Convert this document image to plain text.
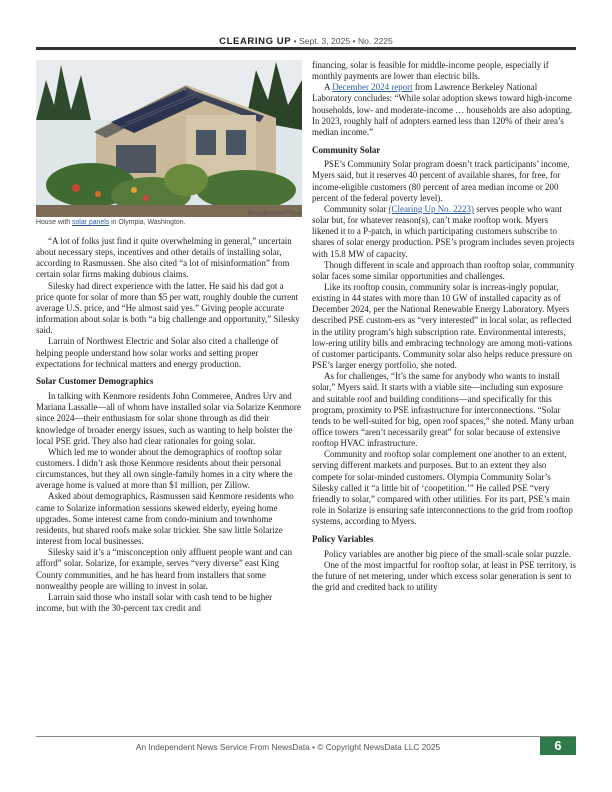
CLEARING UP • Sept. 3, 2025 • No. 2225
Wonderlane/Flickr
House with solar panels in Olympia, Washington.

“A lot of folks just find it quite overwhelming in general,” uncertain about necessary steps, incentives and other details of installing solar, according to Rasmussen. She also cited “a lot of misinformation” from certain solar firms making dubious claims.

Silesky had direct experience with the latter. He said his dad got a price quote for solar of more than $5 per watt, roughly double the current average U.S. price, and “He almost said yes.” Giving people accurate information about solar is both “a big challenge and opportunity,” Silesky said.

Larrain of Northwest Electric and Solar also cited a challenge of helping people understand how solar works and setting proper expectations for technical matters and energy production.

Solar Customer Demographics

In talking with Kenmore residents John Commeree, Andres Urv and Mariana Lassalle—all of whom have installed solar via Solarize Kenmore since 2024—their enthusiasm for solar shone through as did their knowledge of broader energy issues, such as wanting to help bolster the local PSE grid. They also had clear rationales for going solar.

Which led me to wonder about the demographics of rooftop solar customers. I didn’t ask those Kenmore residents about their personal circumstances, but they all own single-family homes in a city where the average home is valued at more than $1 million, per Zillow.

Asked about demographics, Rasmussen said Kenmore residents who came to Solarize information sessions skewed elderly, eyeing home upgrades. Some interest came from condo-minium and townhome residents, but shared roofs make solar trickier. She saw little Solarize interest from local businesses.

Silesky said it’s a “misconception only affluent people want and can afford” solar. Solarize, for example, serves “very diverse” east King County communities, and he has heard from installers that some nonwealthy people are willing to invest in solar.

Larrain said those who install solar with cash tend to be higher income, but with the 30-percent tax credit and

financing, solar is feasible for middle-income people, especially if monthly payments are lower than electric bills.

A December 2024 report from Lawrence Berkeley National Laboratory concludes: “While solar adoption skews toward high-income households, low- and moderate-income … households are also adopting. In 2023, roughly half of adopters earned less than 120% of their area’s median income.”

Community Solar

PSE’s Community Solar program doesn’t track participants’ income, Myers said, but it reserves 40 percent of available shares, for free, for income-eligible customers (80 percent of area median income or 200 percent of the federal poverty level).

Community solar (Clearing Up No. 2223) serves people who want solar but, for whatever reason(s), can’t make rooftop work. Myers likened it to a P-patch, in which participating customers subscribe to shares of solar energy production. PSE’s program includes seven projects with 15.8 MW of capacity.

Though different in scale and approach than rooftop solar, community solar faces some similar opportunities and challenges.

Like its rooftop cousin, community solar is increas-ingly popular, existing in 44 states with more than 10 GW of installed capacity as of December 2024, per the National Renewable Energy Laboratory. Myers described PSE custom-ers as “very interested” in local solar, as reflected in the utility program’s high subscription rate. Environmental interests, low-ering utility bills and embracing technology are among moti-vations of customer participants. Community solar also helps reduce pressure on PSE’s larger energy portfolio, she noted.

As for challenges, “It’s the same for anybody who wants to install solar,” Myers said. It starts with a viable site—including sun exposure and suitable roof and building conditions—and specifically for this program, proximity to PSE infrastructure for interconnections. “Solar tends to be well-suited for big, open roof spaces,” she noted. Many urban office towers “aren’t necessarily great” for solar because of extensive rooftop HVAC infrastructure.

Community and rooftop solar complement one another to an extent, serving different markets and purposes. But to an extent they also compete for solar-minded customers. Olympia Community Solar’s Silesky called it “a little bit of ‘coopetition.’” He called PSE “very friendly to solar,” compared with other utilities. For its part, PSE’s main role in Solarize is ensuring safe interconnections to the grid from rooftop systems, according to Myers.

Policy Variables

Policy variables are another big piece of the small-scale solar puzzle.

One of the most impactful for rooftop solar, at least in PSE territory, is the future of net metering, under which excess solar generation is sent to the grid and credited back to utility

An Independent News Service From NewsData • © Copyright NewsData LLC 2025	6
